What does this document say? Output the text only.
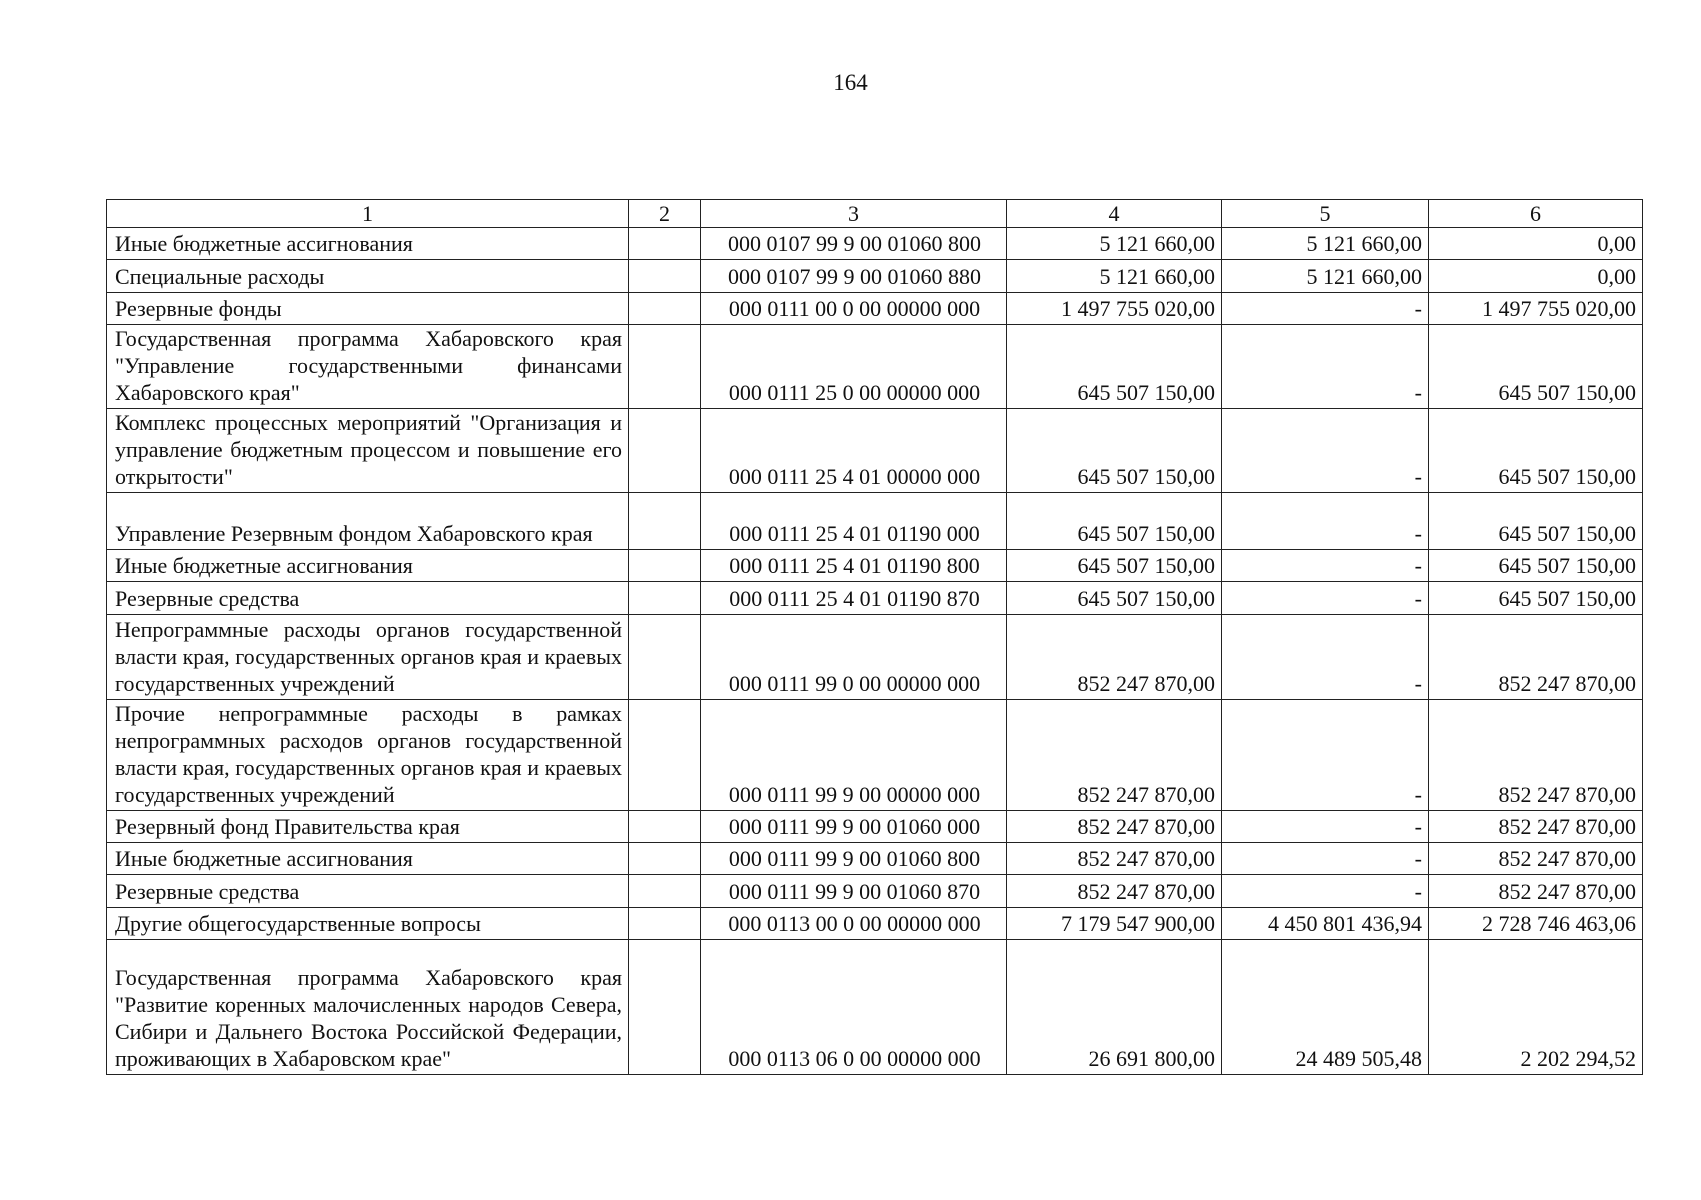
164
1	2	3	4	5	6
Иные бюджетные ассигнования		000 0107 99 9 00 01060 800	5 121 660,00	5 121 660,00	0,00
Специальные расходы		000 0107 99 9 00 01060 880	5 121 660,00	5 121 660,00	0,00
Резервные фонды		000 0111 00 0 00 00000 000	1 497 755 020,00	-	1 497 755 020,00
Государственная программа Хабаровского края "Управление государственными финансами Хабаровского края"		000 0111 25 0 00 00000 000	645 507 150,00	-	645 507 150,00
Комплекс процессных мероприятий "Организация и управление бюджетным процессом и повышение его открытости"		000 0111 25 4 01 00000 000	645 507 150,00	-	645 507 150,00
Управление Резервным фондом Хабаровского края		000 0111 25 4 01 01190 000	645 507 150,00	-	645 507 150,00
Иные бюджетные ассигнования		000 0111 25 4 01 01190 800	645 507 150,00	-	645 507 150,00
Резервные средства		000 0111 25 4 01 01190 870	645 507 150,00	-	645 507 150,00
Непрограммные расходы органов государственной власти края, государственных органов края и краевых государственных учреждений		000 0111 99 0 00 00000 000	852 247 870,00	-	852 247 870,00
Прочие непрограммные расходы в рамках непрограммных расходов органов государственной власти края, государственных органов края и краевых государственных учреждений		000 0111 99 9 00 00000 000	852 247 870,00	-	852 247 870,00
Резервный фонд Правительства края		000 0111 99 9 00 01060 000	852 247 870,00	-	852 247 870,00
Иные бюджетные ассигнования		000 0111 99 9 00 01060 800	852 247 870,00	-	852 247 870,00
Резервные средства		000 0111 99 9 00 01060 870	852 247 870,00	-	852 247 870,00
Другие общегосударственные вопросы		000 0113 00 0 00 00000 000	7 179 547 900,00	4 450 801 436,94	2 728 746 463,06
Государственная программа Хабаровского края "Развитие коренных малочисленных народов Севера, Сибири и Дальнего Востока Российской Федерации, проживающих в Хабаровском крае"		000 0113 06 0 00 00000 000	26 691 800,00	24 489 505,48	2 202 294,52
